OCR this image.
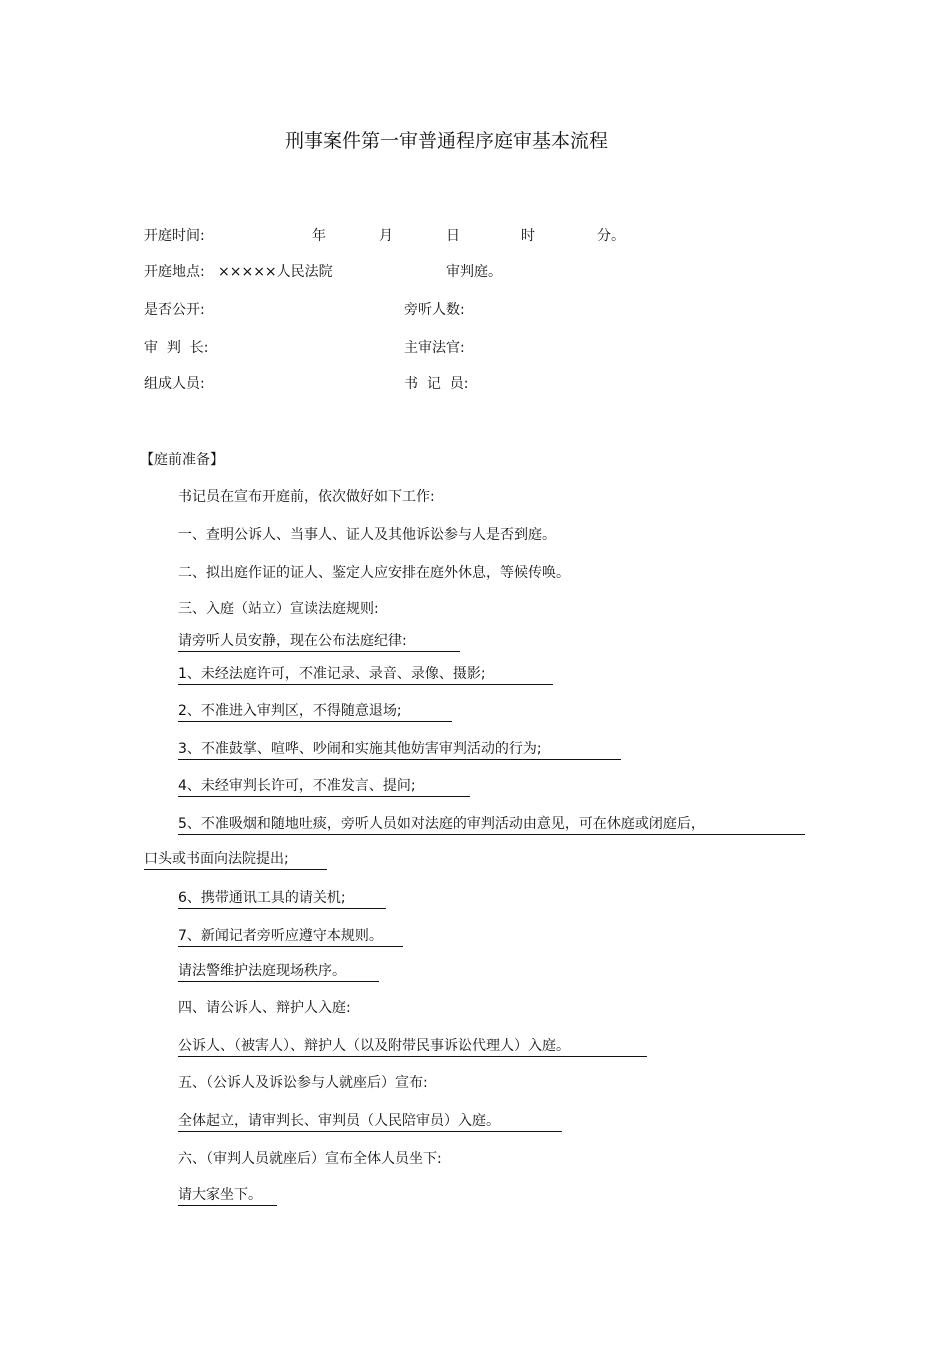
刑事案件第一审普通程序庭审基本流程
开庭时间:	年	月	日	时	分。
开庭地点: ×××××人民法院	审判庭。
是否公开:	旁听人数:
审  判  长:	主审法官:
组成人员:	书  记  员:
【庭前准备】
书记员在宣布开庭前，依次做好如下工作:
一、查明公诉人、当事人、证人及其他诉讼参与人是否到庭。
二、拟出庭作证的证人、鉴定人应安排在庭外休息，等候传唤。
三、入庭（站立）宣读法庭规则:
请旁听人员安静，现在公布法庭纪律:
1、未经法庭许可，不准记录、录音、录像、摄影;
2、不准进入审判区，不得随意退场;
3、不准鼓掌、喧哗、吵闹和实施其他妨害审判活动的行为;
4、未经审判长许可，不准发言、提问;
5、不准吸烟和随地吐痰，旁听人员如对法庭的审判活动由意见，可在休庭或闭庭后，
口头或书面向法院提出;
6、携带通讯工具的请关机;
7、新闻记者旁听应遵守本规则。
请法警维护法庭现场秩序。
四、请公诉人、辩护人入庭:
公诉人、（被害人）、辩护人（以及附带民事诉讼代理人）入庭。
五、（公诉人及诉讼参与人就座后）宣布:
全体起立，请审判长、审判员（人民陪审员）入庭。
六、（审判人员就座后）宣布全体人员坐下:
请大家坐下。
